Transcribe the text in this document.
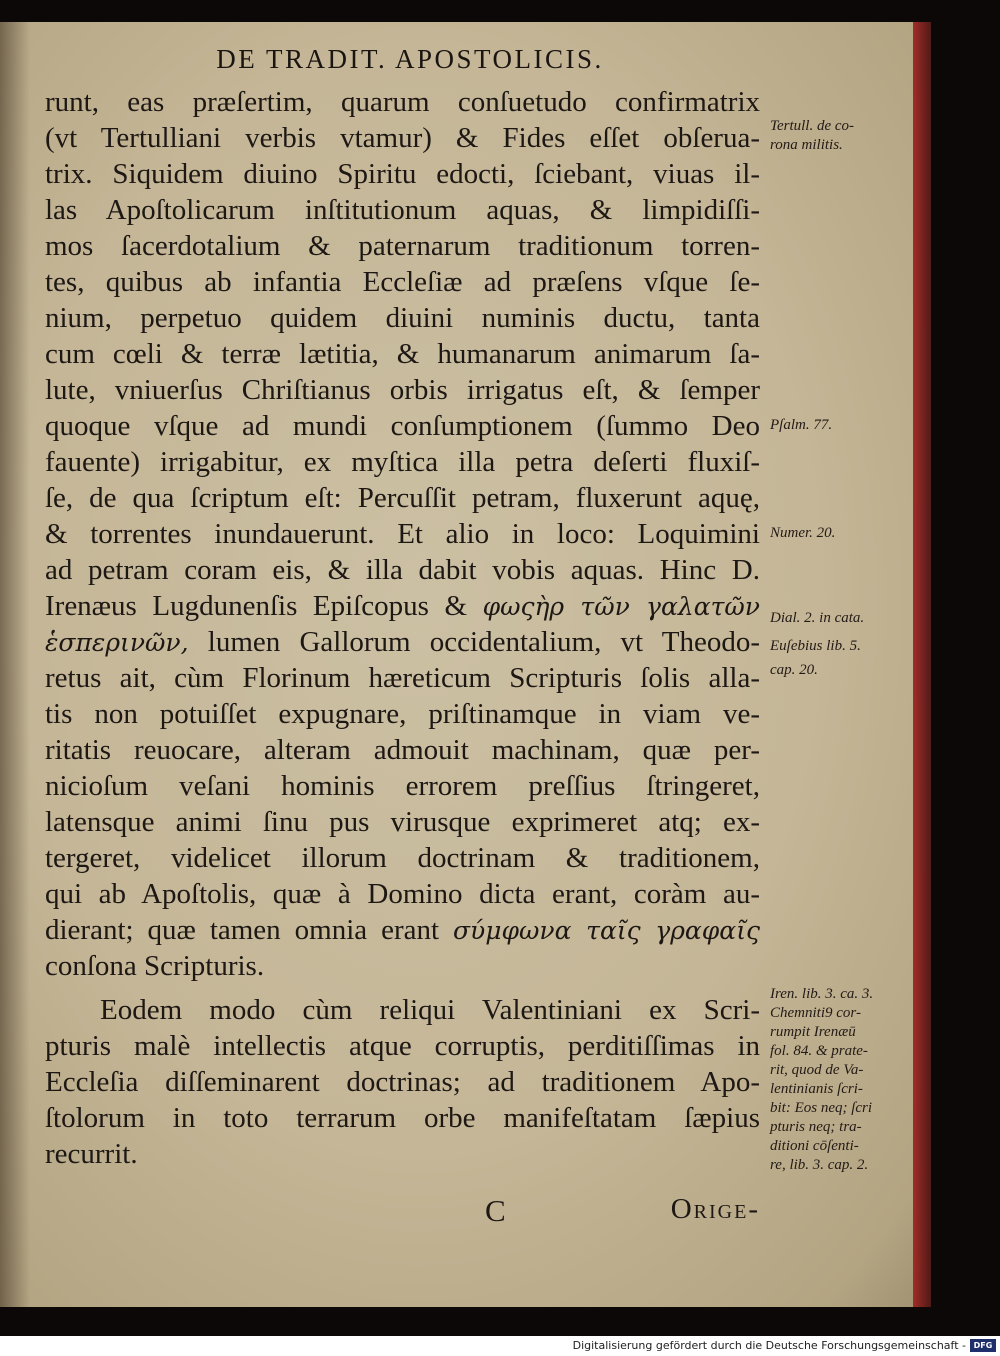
DE TRADIT. APOSTOLICIS.
runt, eas præſertim, quarum conſuetudo confirmatrix
(vt Tertulliani verbis vtamur) & Fides eſſet obſerua-
trix. Siquidem diuino Spiritu edocti, ſciebant, viuas il-
las Apoſtolicarum inſtitutionum aquas, & limpidiſſi-
mos ſacerdotalium & paternarum traditionum torren-
tes, quibus ab infantia Eccleſiæ ad præſens vſque ſe-
nium, perpetuo quidem diuini numinis ductu, tanta
cum cœli & terræ lætitia, & humanarum animarum ſa-
lute, vniuerſus Chriſtianus orbis irrigatus eſt, & ſemper
quoque vſque ad mundi conſumptionem (ſummo Deo
fauente) irrigabitur, ex myſtica illa petra deſerti fluxiſ-
ſe, de qua ſcriptum eſt: Percuſſit petram, fluxerunt aquę,
& torrentes inundauerunt. Et alio in loco: Loquimini
ad petram coram eis, & illa dabit vobis aquas. Hinc D.
Irenæus Lugdunenſis Epiſcopus & φωςὴρ τῶν γαλατῶν
ἑσπερινῶν, lumen Gallorum occidentalium, vt Theodo-
retus ait, cùm Florinum hæreticum Scripturis ſolis alla-
tis non potuiſſet expugnare, priſtinamque in viam ve-
ritatis reuocare, alteram admouit machinam, quæ per-
nicioſum veſani hominis errorem preſſius ſtringeret,
latensque animi ſinu pus virusque exprimeret atq; ex-
tergeret, videlicet illorum doctrinam & traditionem,
qui ab Apoſtolis, quæ à Domino dicta erant, coràm au-
dierant; quæ tamen omnia erant σύμφωνα ταῖς γραφαῖς
conſona Scripturis.
Eodem modo cùm reliqui Valentiniani ex Scri-
pturis malè intellectis atque corruptis, perditiſſimas in
Eccleſia diſſeminarent doctrinas; ad traditionem Apo-
ſtolorum in toto terrarum orbe manifeſtatam ſæpius
recurrit.
Tertull. de co-
rona militis.
Pſalm. 77.
Numer. 20.
Dial. 2. in cata.
Euſebius lib. 5.
cap. 20.
Iren. lib. 3. ca. 3.
Chemniti9 cor-
rumpit Irenæū
fol. 84. & prate-
rit, quod de Va-
lentinianis ſcri-
bit: Eos neq; ſcri
pturis neq; tra-
ditioni cōſenti-
re, lib. 3. cap. 2.
C	Orige-
Digitalisierung gefördert durch die Deutsche Forschungsgemeinschaft - DFG
